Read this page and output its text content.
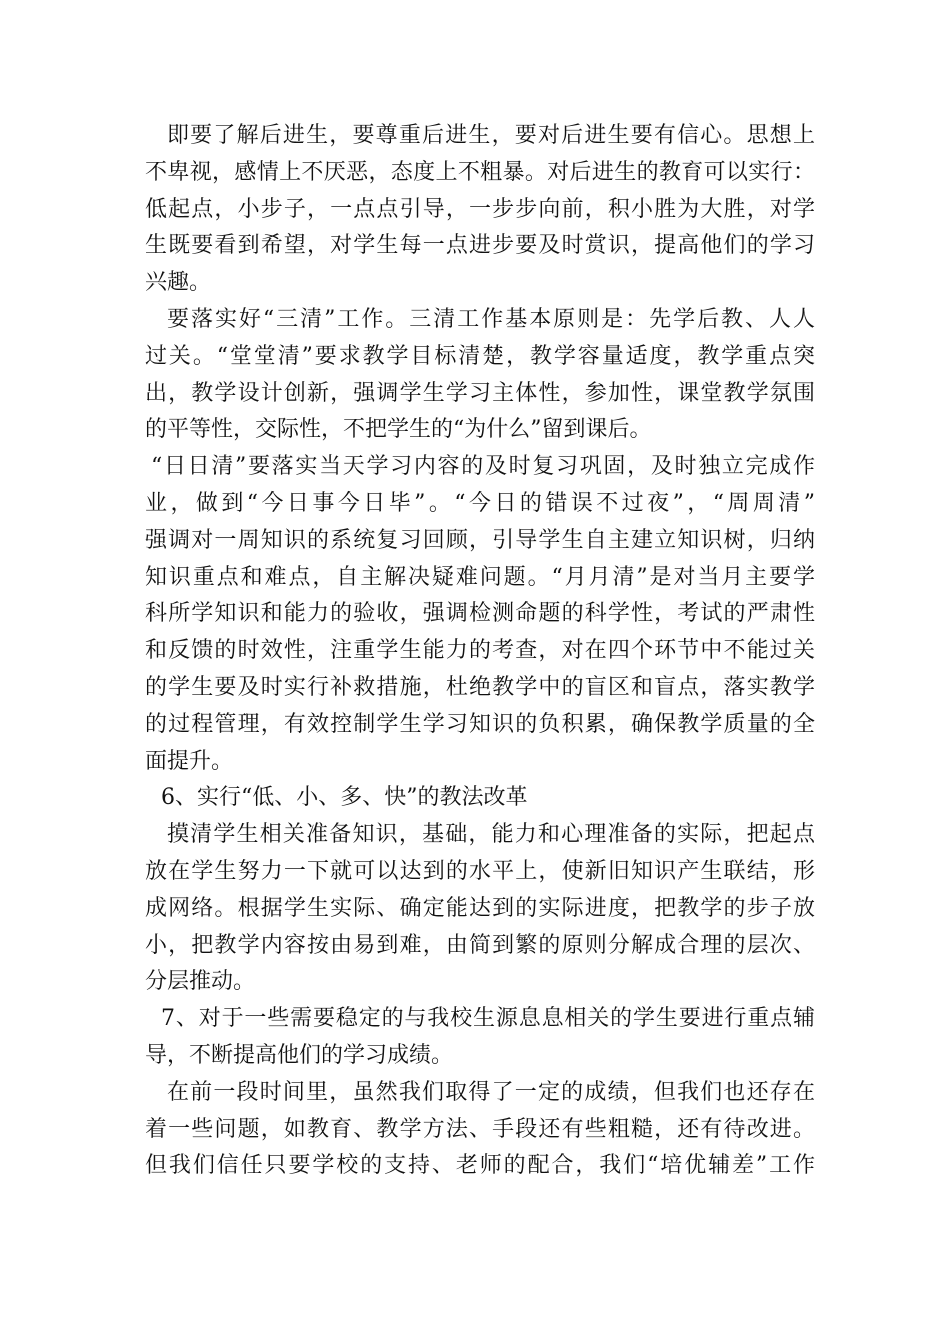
即要了解后进生，要尊重后进生，要对后进生要有信心。思想上
不卑视，感情上不厌恶，态度上不粗暴。对后进生的教育可以实行：
低起点，小步子，一点点引导，一步步向前，积小胜为大胜，对学
生既要看到希望，对学生每一点进步要及时赏识，提高他们的学习
兴趣。
要落实好“三清”工作。三清工作基本原则是：先学后教、人人
过关。“堂堂清”要求教学目标清楚，教学容量适度，教学重点突
出，教学设计创新，强调学生学习主体性，参加性，课堂教学氛围
的平等性，交际性，不把学生的“为什么”留到课后。
“日日清”要落实当天学习内容的及时复习巩固，及时独立完成作
业，做到“今日事今日毕”。“今日的错误不过夜”，“周周清”
强调对一周知识的系统复习回顾，引导学生自主建立知识树，归纳
知识重点和难点，自主解决疑难问题。“月月清”是对当月主要学
科所学知识和能力的验收，强调检测命题的科学性，考试的严肃性
和反馈的时效性，注重学生能力的考查，对在四个环节中不能过关
的学生要及时实行补救措施，杜绝教学中的盲区和盲点，落实教学
的过程管理，有效控制学生学习知识的负积累，确保教学质量的全
面提升。
6、实行“低、小、多、快”的教法改革
摸清学生相关准备知识，基础，能力和心理准备的实际，把起点
放在学生努力一下就可以达到的水平上，使新旧知识产生联结，形
成网络。根据学生实际、确定能达到的实际进度，把教学的步子放
小，把教学内容按由易到难，由简到繁的原则分解成合理的层次、
分层推动。
7、对于一些需要稳定的与我校生源息息相关的学生要进行重点辅
导，不断提高他们的学习成绩。
在前一段时间里，虽然我们取得了一定的成绩，但我们也还存在
着一些问题，如教育、教学方法、手段还有些粗糙，还有待改进。
但我们信任只要学校的支持、老师的配合，我们“培优辅差”工作
